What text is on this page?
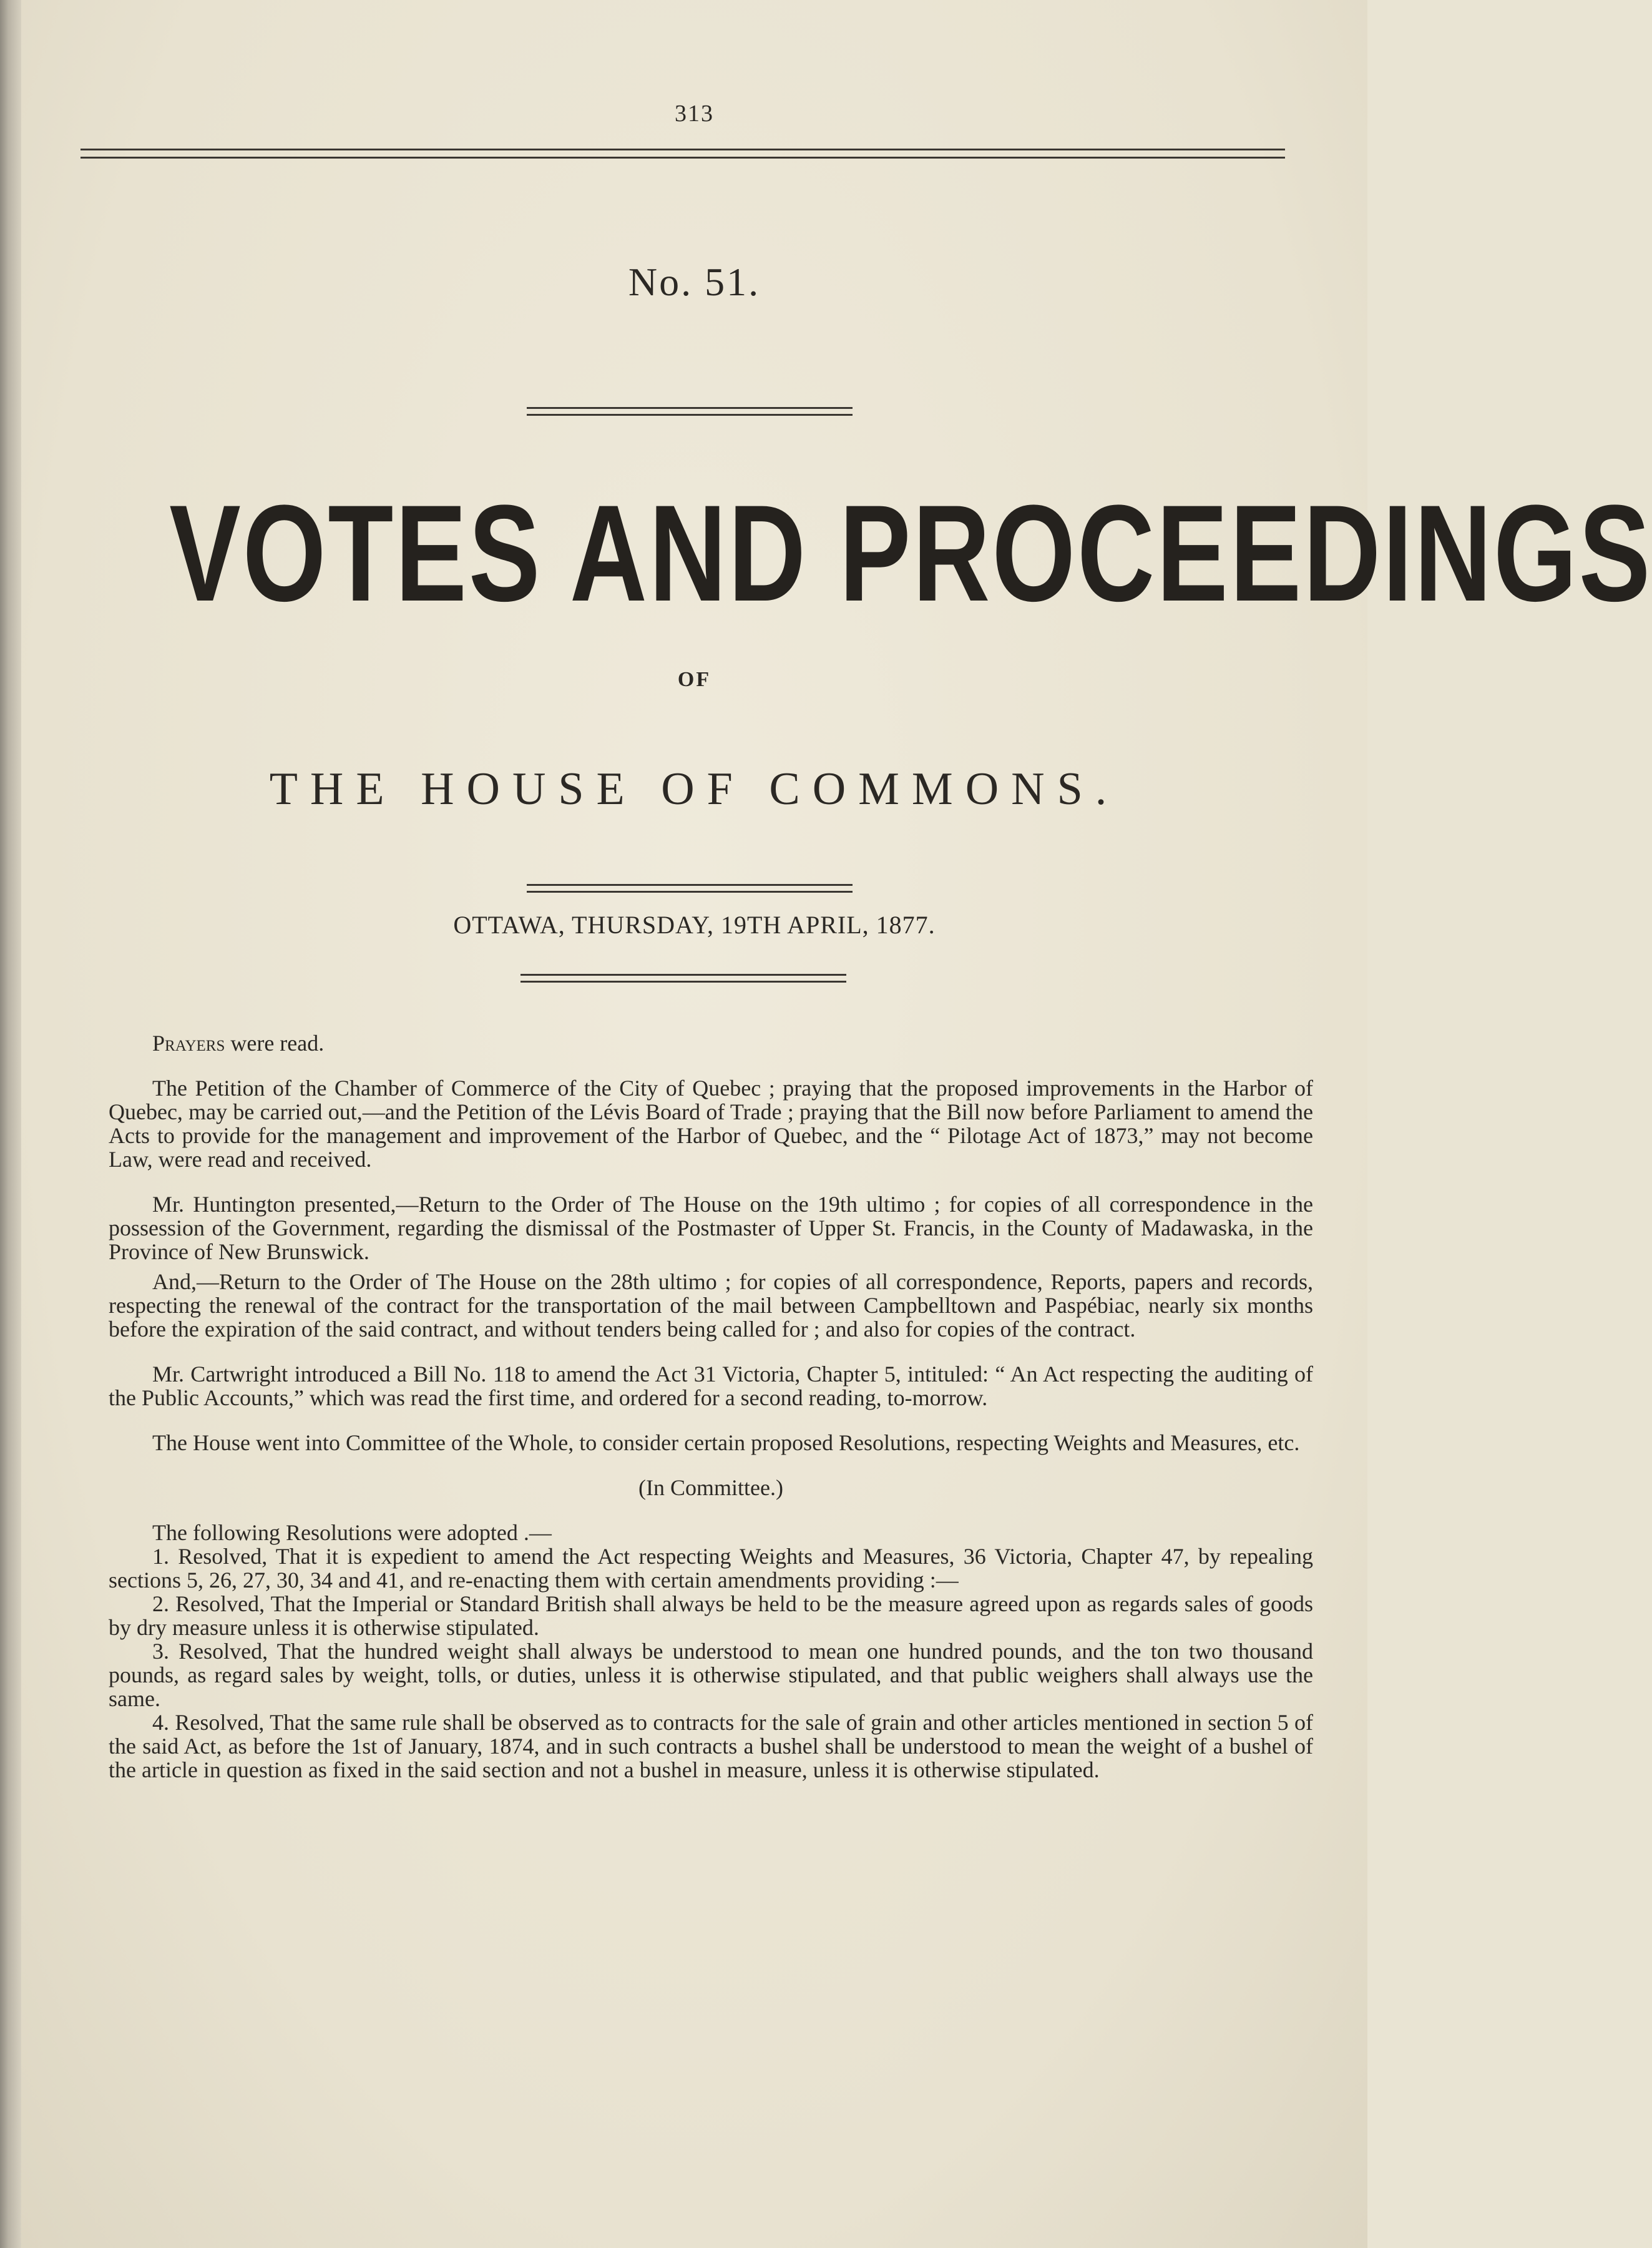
313
No. 51.
VOTES AND PROCEEDINGS
OF
THE HOUSE OF COMMONS.
OTTAWA, THURSDAY, 19TH APRIL, 1877.

Prayers were read.

The Petition of the Chamber of Commerce of the City of Quebec ; praying that the proposed improvements in the Harbor of Quebec, may be carried out,—and the Petition of the Lévis Board of Trade ; praying that the Bill now before Parliament to amend the Acts to provide for the management and improvement of the Harbor of Quebec, and the “ Pilotage Act of 1873,” may not become Law, were read and received.

Mr. Huntington presented,—Return to the Order of The House on the 19th ultimo ; for copies of all correspondence in the possession of the Government, regarding the dismissal of the Postmaster of Upper St. Francis, in the County of Madawaska, in the Province of New Brunswick.

And,—Return to the Order of The House on the 28th ultimo ; for copies of all correspondence, Reports, papers and records, respecting the renewal of the contract for the transportation of the mail between Campbelltown and Paspébiac, nearly six months before the expiration of the said contract, and without tenders being called for ; and also for copies of the contract.

Mr. Cartwright introduced a Bill No. 118 to amend the Act 31 Victoria, Chapter 5, intituled: “ An Act respecting the auditing of the Public Accounts,” which was read the first time, and ordered for a second reading, to-morrow.

The House went into Committee of the Whole, to consider certain proposed Resolutions, respecting Weights and Measures, etc.

(In Committee.)

The following Resolutions were adopted .—

1. Resolved, That it is expedient to amend the Act respecting Weights and Measures, 36 Victoria, Chapter 47, by repealing sections 5, 26, 27, 30, 34 and 41, and re-enacting them with certain amendments providing :—

2. Resolved, That the Imperial or Standard British shall always be held to be the measure agreed upon as regards sales of goods by dry measure unless it is otherwise stipulated.

3. Resolved, That the hundred weight shall always be understood to mean one hundred pounds, and the ton two thousand pounds, as regard sales by weight, tolls, or duties, unless it is otherwise stipulated, and that public weighers shall always use the same.

4. Resolved, That the same rule shall be observed as to contracts for the sale of grain and other articles mentioned in section 5 of the said Act, as before the 1st of January, 1874, and in such contracts a bushel shall be understood to mean the weight of a bushel of the article in question as fixed in the said section and not a bushel in measure, unless it is otherwise stipulated.
